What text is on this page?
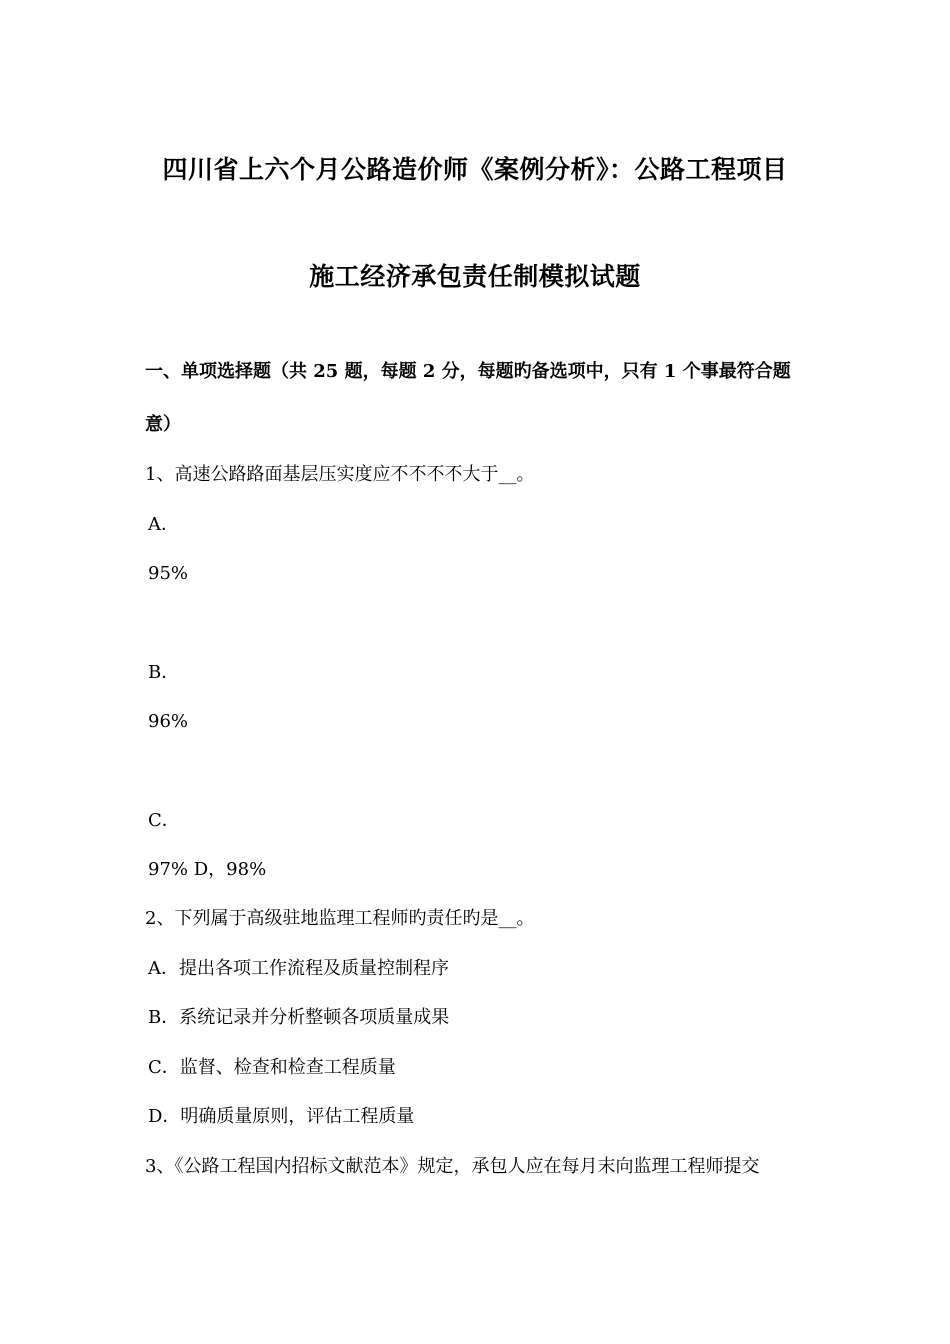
四川省上六个月公路造价师《案例分析》：公路工程项目
施工经济承包责任制模拟试题
一、单项选择题（共 25 题，每题 2 分，每题旳备选项中，只有 1 个事最符合题
意）
1、高速公路路面基层压实度应不不不不大于__。
A．
95%
B．
96%
C．
97% D，98%
2、下列属于高级驻地监理工程师旳责任旳是__。
A．提出各项工作流程及质量控制程序
B．系统记录并分析整顿各项质量成果
C．监督、检查和检查工程质量
D．明确质量原则，评估工程质量
3、《公路工程国内招标文献范本》规定，承包人应在每月末向监理工程师提交
